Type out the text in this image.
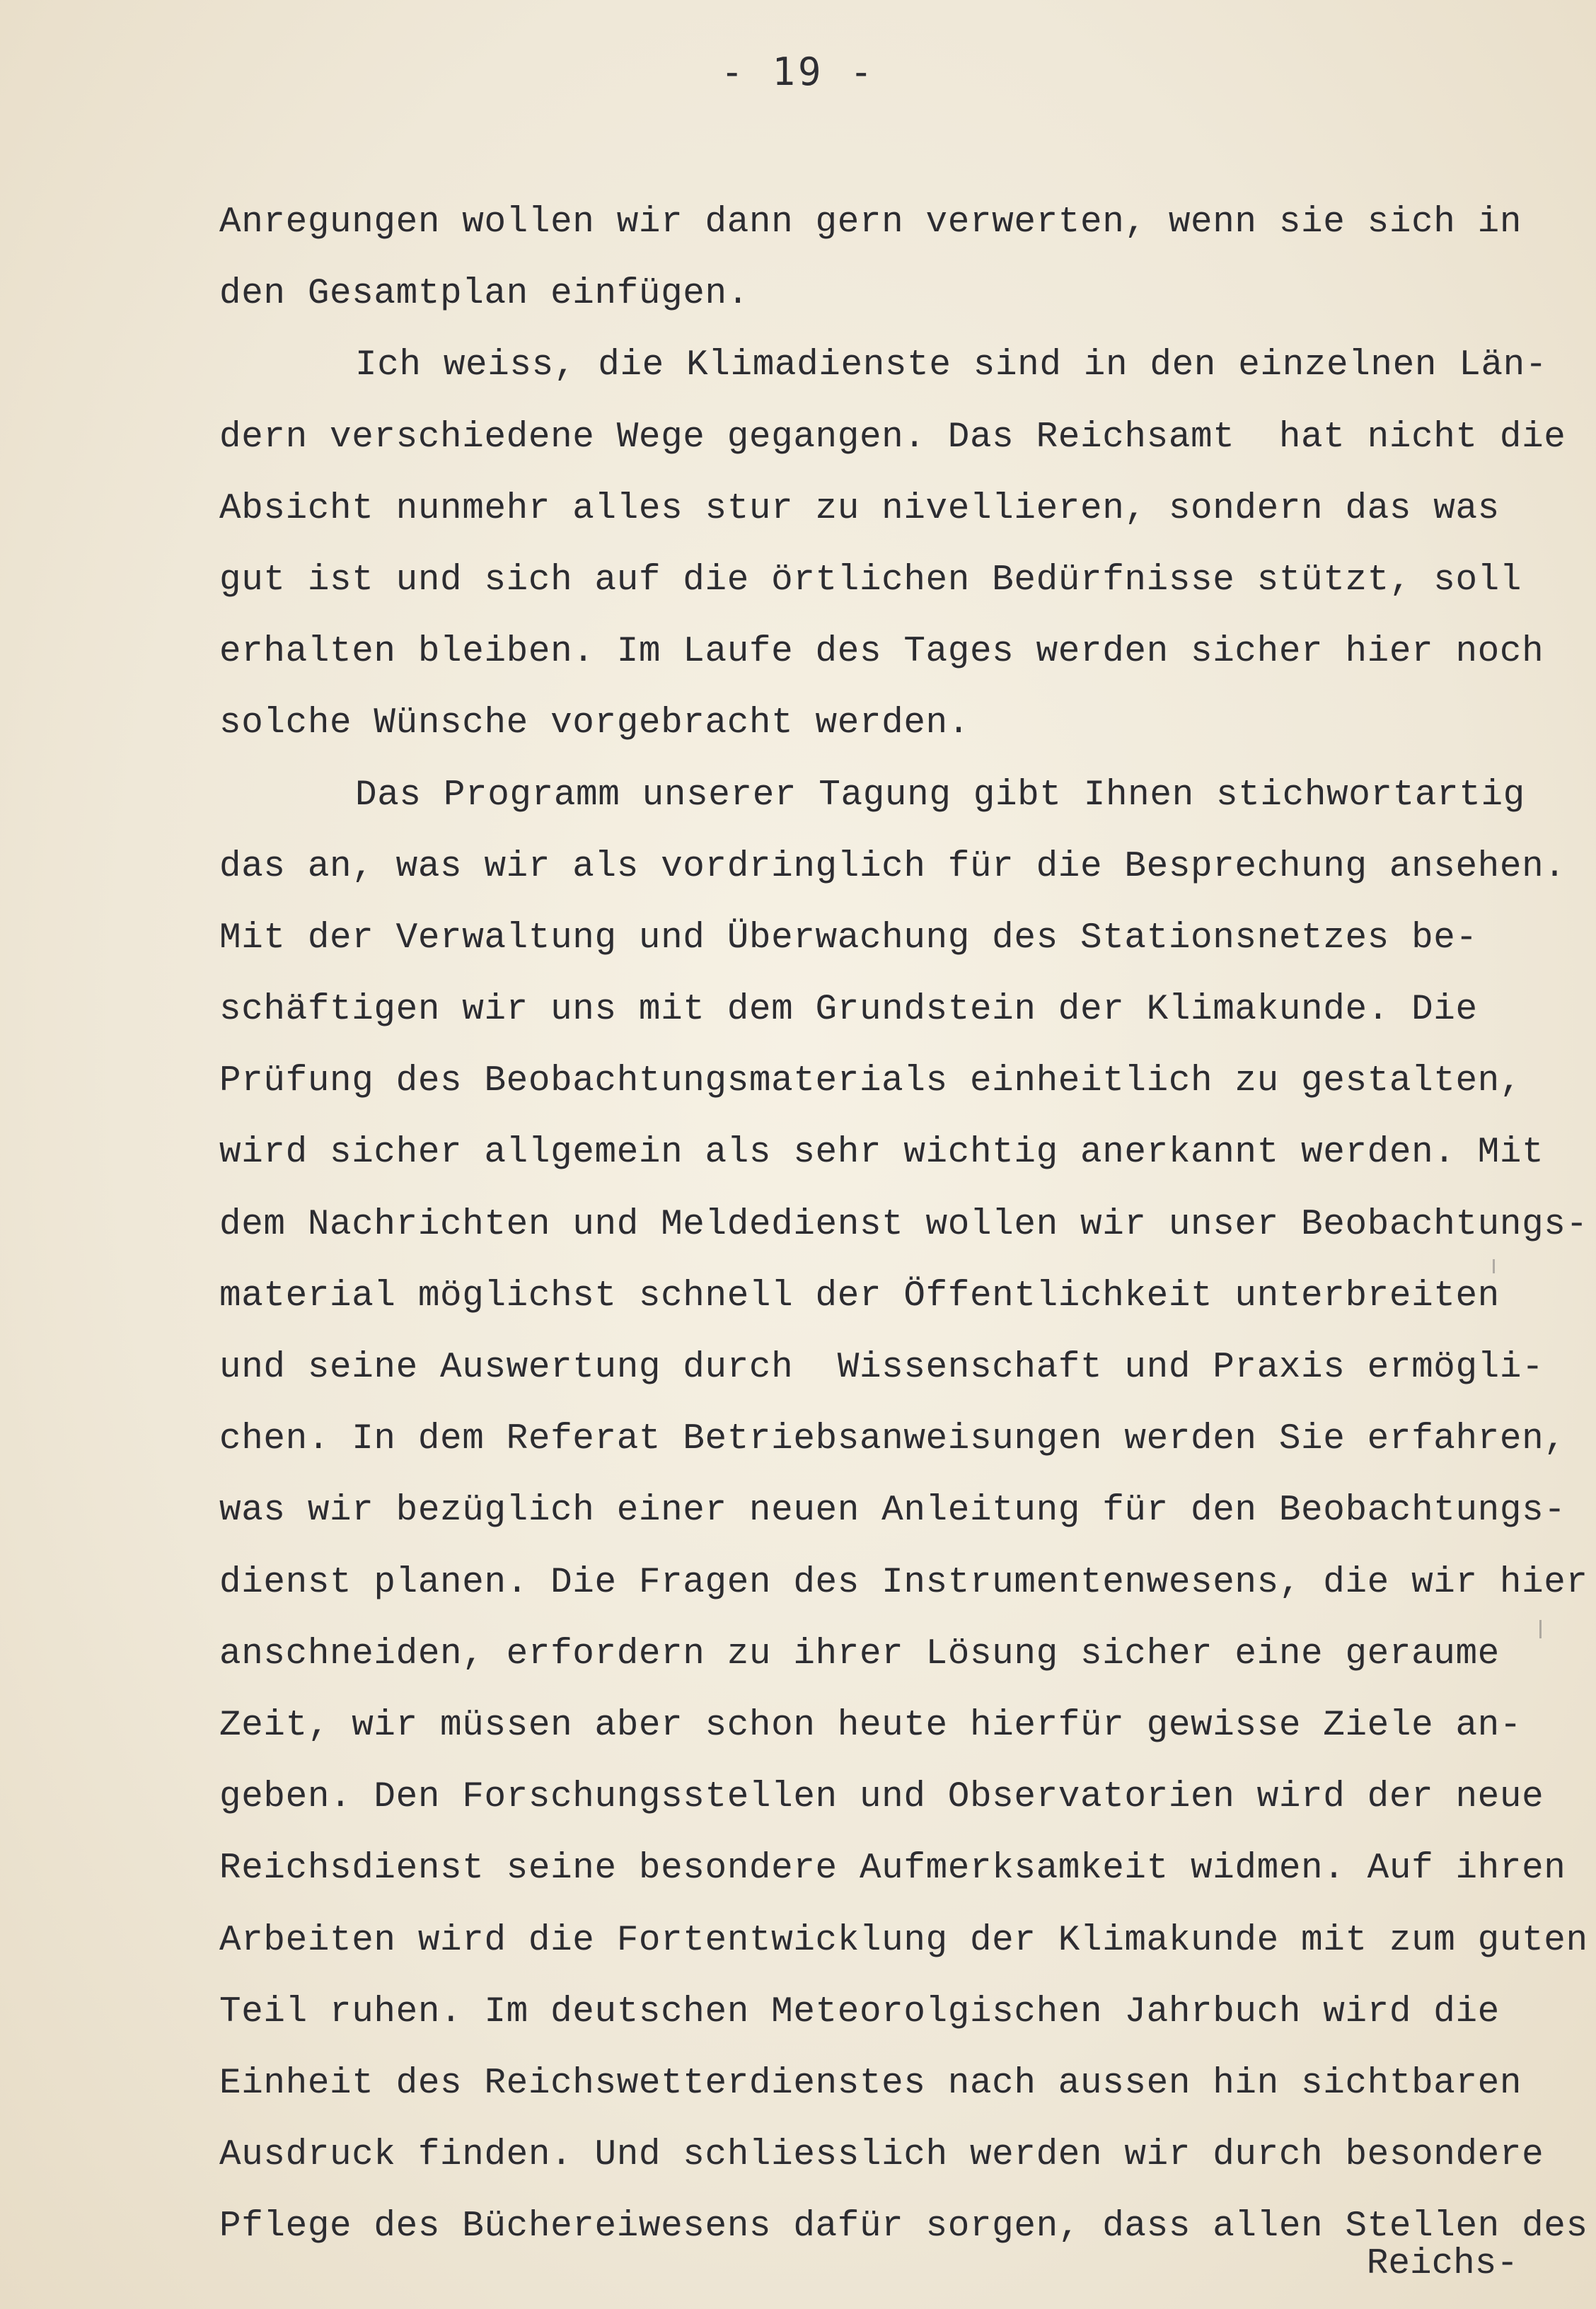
- 19 -
Anregungen wollen wir dann gern verwerten, wenn sie sich in
den Gesamtplan einfügen.
Ich weiss, die Klimadienste sind in den einzelnen Län-
dern verschiedene Wege gegangen. Das Reichsamt  hat nicht die
Absicht nunmehr alles stur zu nivellieren, sondern das was
gut ist und sich auf die örtlichen Bedürfnisse stützt, soll
erhalten bleiben. Im Laufe des Tages werden sicher hier noch
solche Wünsche vorgebracht werden.
Das Programm unserer Tagung gibt Ihnen stichwortartig
das an, was wir als vordringlich für die Besprechung ansehen.
Mit der Verwaltung und Überwachung des Stationsnetzes be-
schäftigen wir uns mit dem Grundstein der Klimakunde. Die
Prüfung des Beobachtungsmaterials einheitlich zu gestalten,
wird sicher allgemein als sehr wichtig anerkannt werden. Mit
dem Nachrichten und Meldedienst wollen wir unser Beobachtungs-
material möglichst schnell der Öffentlichkeit unterbreiten
und seine Auswertung durch  Wissenschaft und Praxis ermögli-
chen. In dem Referat Betriebsanweisungen werden Sie erfahren,
was wir bezüglich einer neuen Anleitung für den Beobachtungs-
dienst planen. Die Fragen des Instrumentenwesens, die wir hier
anschneiden, erfordern zu ihrer Lösung sicher eine geraume
Zeit, wir müssen aber schon heute hierfür gewisse Ziele an-
geben. Den Forschungsstellen und Observatorien wird der neue
Reichsdienst seine besondere Aufmerksamkeit widmen. Auf ihren
Arbeiten wird die Fortentwicklung der Klimakunde mit zum guten
Teil ruhen. Im deutschen Meteorolgischen Jahrbuch wird die
Einheit des Reichswetterdienstes nach aussen hin sichtbaren
Ausdruck finden. Und schliesslich werden wir durch besondere
Pflege des Büchereiwesens dafür sorgen, dass allen Stellen des
Reichs-
